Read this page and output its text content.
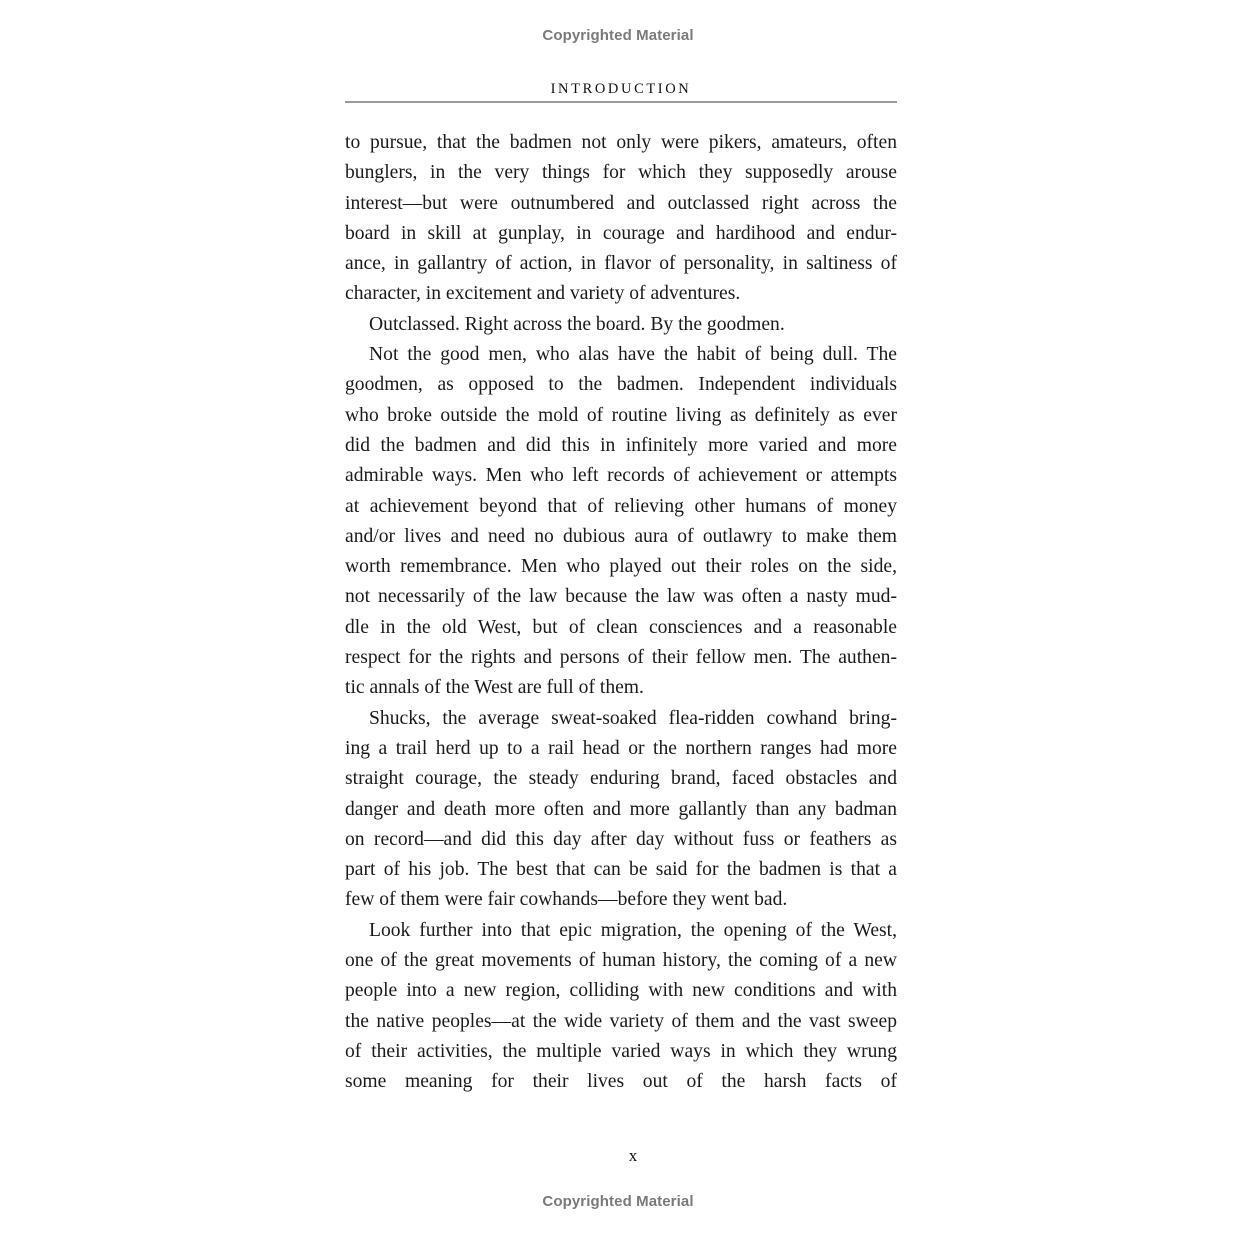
Copyrighted Material
INTRODUCTION
to pursue, that the badmen not only were pikers, amateurs, often
bunglers, in the very things for which they supposedly arouse
interest—but were outnumbered and outclassed right across the
board in skill at gunplay, in courage and hardihood and endur-
ance, in gallantry of action, in flavor of personality, in saltiness of
character, in excitement and variety of adventures.
Outclassed. Right across the board. By the goodmen.
Not the good men, who alas have the habit of being dull. The
goodmen, as opposed to the badmen. Independent individuals
who broke outside the mold of routine living as definitely as ever
did the badmen and did this in infinitely more varied and more
admirable ways. Men who left records of achievement or attempts
at achievement beyond that of relieving other humans of money
and/or lives and need no dubious aura of outlawry to make them
worth remembrance. Men who played out their roles on the side,
not necessarily of the law because the law was often a nasty mud-
dle in the old West, but of clean consciences and a reasonable
respect for the rights and persons of their fellow men. The authen-
tic annals of the West are full of them.
Shucks, the average sweat-soaked flea-ridden cowhand bring-
ing a trail herd up to a rail head or the northern ranges had more
straight courage, the steady enduring brand, faced obstacles and
danger and death more often and more gallantly than any badman
on record—and did this day after day without fuss or feathers as
part of his job. The best that can be said for the badmen is that a
few of them were fair cowhands—before they went bad.
Look further into that epic migration, the opening of the West,
one of the great movements of human history, the coming of a new
people into a new region, colliding with new conditions and with
the native peoples—at the wide variety of them and the vast sweep
of their activities, the multiple varied ways in which they wrung
some meaning for their lives out of the harsh facts of
x
Copyrighted Material
